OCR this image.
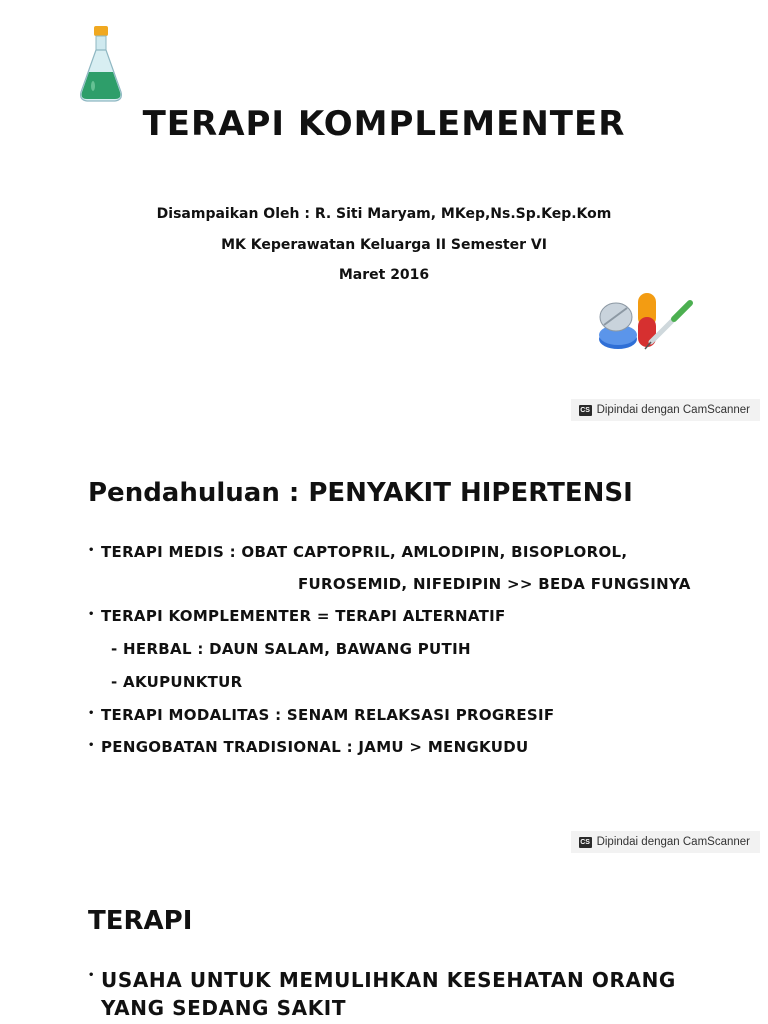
TERAPI KOMPLEMENTER
Disampaikan Oleh : R. Siti Maryam, MKep,Ns.Sp.Kep.Kom
MK Keperawatan Keluarga II Semester VI
Maret 2016
CS Dipindai dengan CamScanner
Pendahuluan : PENYAKIT HIPERTENSI
• TERAPI MEDIS : OBAT CAPTOPRIL, AMLODIPIN, BISOPLOROL,
FUROSEMID, NIFEDIPIN >> BEDA FUNGSINYA
• TERAPI KOMPLEMENTER = TERAPI ALTERNATIF
- HERBAL : DAUN SALAM, BAWANG PUTIH
- AKUPUNKTUR
• TERAPI MODALITAS : SENAM RELAKSASI PROGRESIF
• PENGOBATAN TRADISIONAL : JAMU > MENGKUDU
CS Dipindai dengan CamScanner
TERAPI
• USAHA UNTUK MEMULIHKAN KESEHATAN ORANG
YANG SEDANG SAKIT
